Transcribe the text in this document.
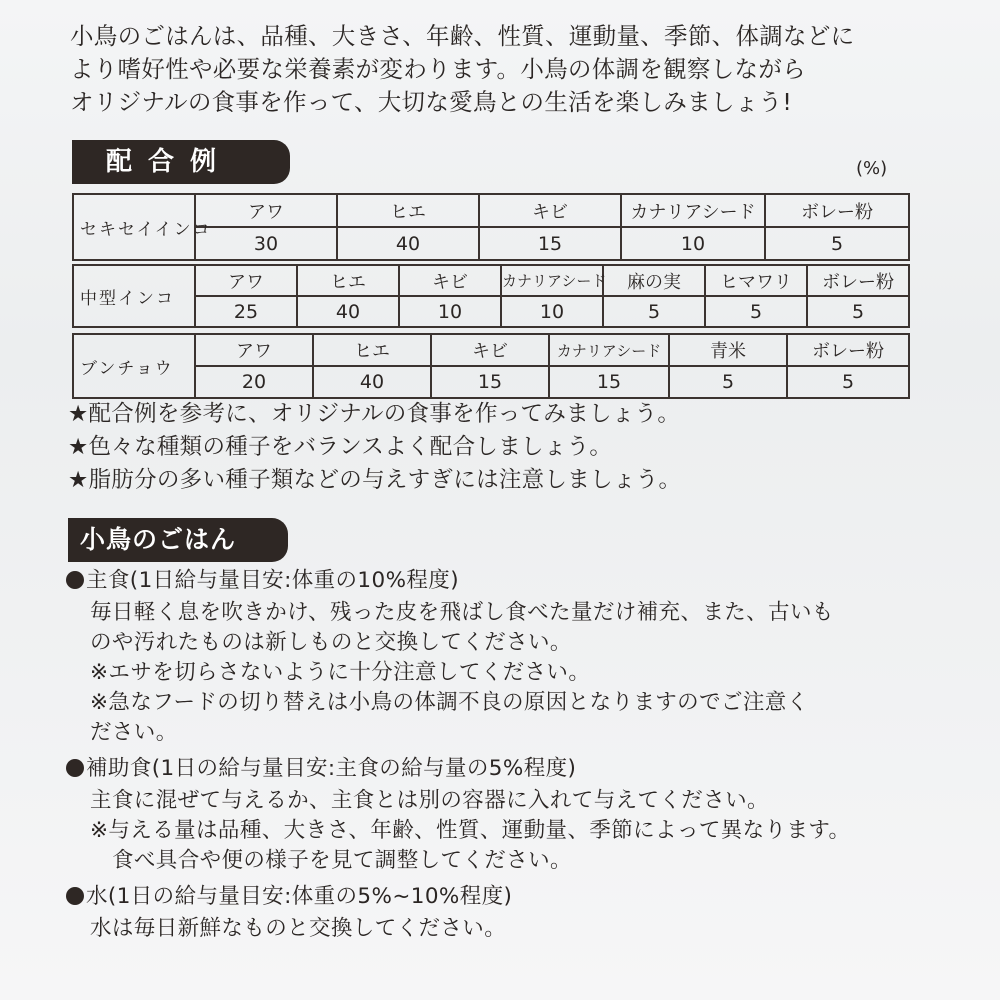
小鳥のごはんは、品種、大きさ、年齢、性質、運動量、季節、体調などに
より嗜好性や必要な栄養素が変わります。小鳥の体調を観察しながら
オリジナルの食事を作って、大切な愛鳥との生活を楽しみましょう!
配合例	(%)
セキセイインコ	アワ	ヒエ	キビ	カナリアシード	ボレー粉
	30	40	15	10	5
中型インコ	アワ	ヒエ	キビ	カナリアシード	麻の実	ヒマワリ	ボレー粉
	25	40	10	10	5	5	5
ブンチョウ	アワ	ヒエ	キビ	カナリアシード	青米	ボレー粉
	20	40	15	15	5	5
★配合例を参考に、オリジナルの食事を作ってみましょう。
★色々な種類の種子をバランスよく配合しましょう。
★脂肪分の多い種子類などの与えすぎには注意しましょう。
小鳥のごはん
主食(1日給与量目安:体重の10%程度)
毎日軽く息を吹きかけ、残った皮を飛ばし食べた量だけ補充、また、古いも
のや汚れたものは新しものと交換してください。
※エサを切らさないように十分注意してください。
※急なフードの切り替えは小鳥の体調不良の原因となりますのでご注意く
ださい。
補助食(1日の給与量目安:主食の給与量の5%程度)
主食に混ぜて与えるか、主食とは別の容器に入れて与えてください。
※与える量は品種、大きさ、年齢、性質、運動量、季節によって異なります。
食べ具合や便の様子を見て調整してください。
水(1日の給与量目安:体重の5%~10%程度)
水は毎日新鮮なものと交換してください。
